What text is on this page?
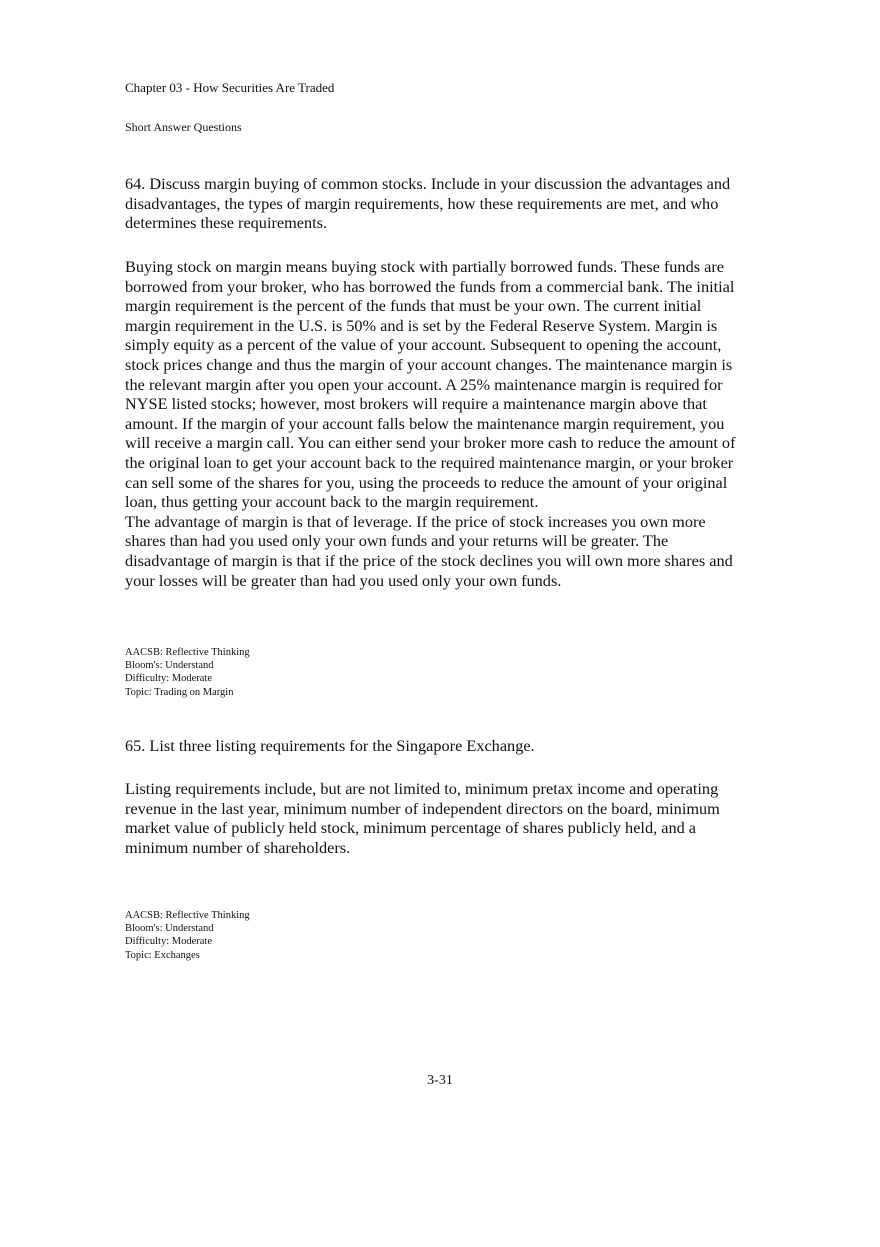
Chapter 03 - How Securities Are Traded
Short Answer Questions

64. Discuss margin buying of common stocks. Include in your discussion the advantages and

disadvantages, the types of margin requirements, how these requirements are met, and who

determines these requirements.

Buying stock on margin means buying stock with partially borrowed funds. These funds are

borrowed from your broker, who has borrowed the funds from a commercial bank. The initial

margin requirement is the percent of the funds that must be your own. The current initial

margin requirement in the U.S. is 50% and is set by the Federal Reserve System. Margin is

simply equity as a percent of the value of your account. Subsequent to opening the account,

stock prices change and thus the margin of your account changes. The maintenance margin is

the relevant margin after you open your account. A 25% maintenance margin is required for

NYSE listed stocks; however, most brokers will require a maintenance margin above that

amount. If the margin of your account falls below the maintenance margin requirement, you

will receive a margin call. You can either send your broker more cash to reduce the amount of

the original loan to get your account back to the required maintenance margin, or your broker

can sell some of the shares for you, using the proceeds to reduce the amount of your original

loan, thus getting your account back to the margin requirement.

The advantage of margin is that of leverage. If the price of stock increases you own more

shares than had you used only your own funds and your returns will be greater. The

disadvantage of margin is that if the price of the stock declines you will own more shares and

your losses will be greater than had you used only your own funds.

AACSB: Reflective Thinking
Bloom's: Understand
Difficulty: Moderate
Topic: Trading on Margin

65. List three listing requirements for the Singapore Exchange.

Listing requirements include, but are not limited to, minimum pretax income and operating

revenue in the last year, minimum number of independent directors on the board, minimum

market value of publicly held stock, minimum percentage of shares publicly held, and a

minimum number of shareholders.

AACSB: Reflective Thinking
Bloom's: Understand
Difficulty: Moderate
Topic: Exchanges
3-31
